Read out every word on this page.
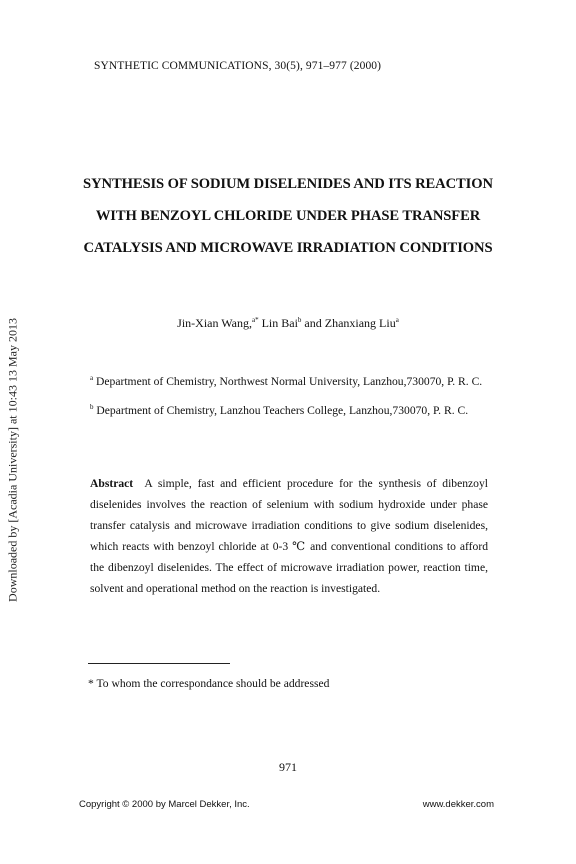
Downloaded by [Acadia University] at 10:43 13 May 2013
SYNTHETIC COMMUNICATIONS, 30(5), 971–977 (2000)
SYNTHESIS OF SODIUM DISELENIDES AND ITS REACTION
WITH BENZOYL CHLORIDE UNDER PHASE TRANSFER
CATALYSIS AND MICROWAVE IRRADIATION CONDITIONS
Jin-Xian Wang,$^{a*}$ Lin Bai$^b$ and Zhanxiang Liu$^a$
$^a$ Department of Chemistry, Northwest Normal University, Lanzhou,730070, P. R. C.
$^b$ Department of Chemistry, Lanzhou Teachers College, Lanzhou,730070, P. R. C.
Abstract A simple, fast and efficient procedure for the synthesis of dibenzoyl diselenides involves the reaction of selenium with sodium hydroxide under phase transfer catalysis and microwave irradiation conditions to give sodium diselenides, which reacts with benzoyl chloride at 0-3 ℃ and conventional conditions to afford the dibenzoyl diselenides. The effect of microwave irradiation power, reaction time, solvent and operational method on the reaction is investigated.
* To whom the correspondance should be addressed
971
Copyright © 2000 by Marcel Dekker, Inc.	www.dekker.com
